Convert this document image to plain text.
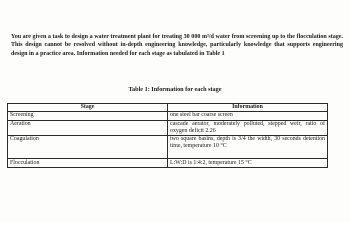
You are given a task to design a water treatment plant for treating 30 000 m³/d water from screening up to the flocculation stage. This design cannot be resolved without in-depth engineering knowledge, particularly knowledge that supports engineering design in a practice area. Information needed for each stage as tabulated in Table 1

Table 1: Information for each stage

Stage	Information
Screening	one steel bar coarse screen
Aeration	cascade aerator, moderately polluted, stepped weir, ratio of oxygen deficit 2.26
Coagulation	two square basins, depth is 3/4 the width, 30 seconds detention time, temperature 10 °C
Flocculation	L:W:D is 1:4:2, temperature 15 °C
